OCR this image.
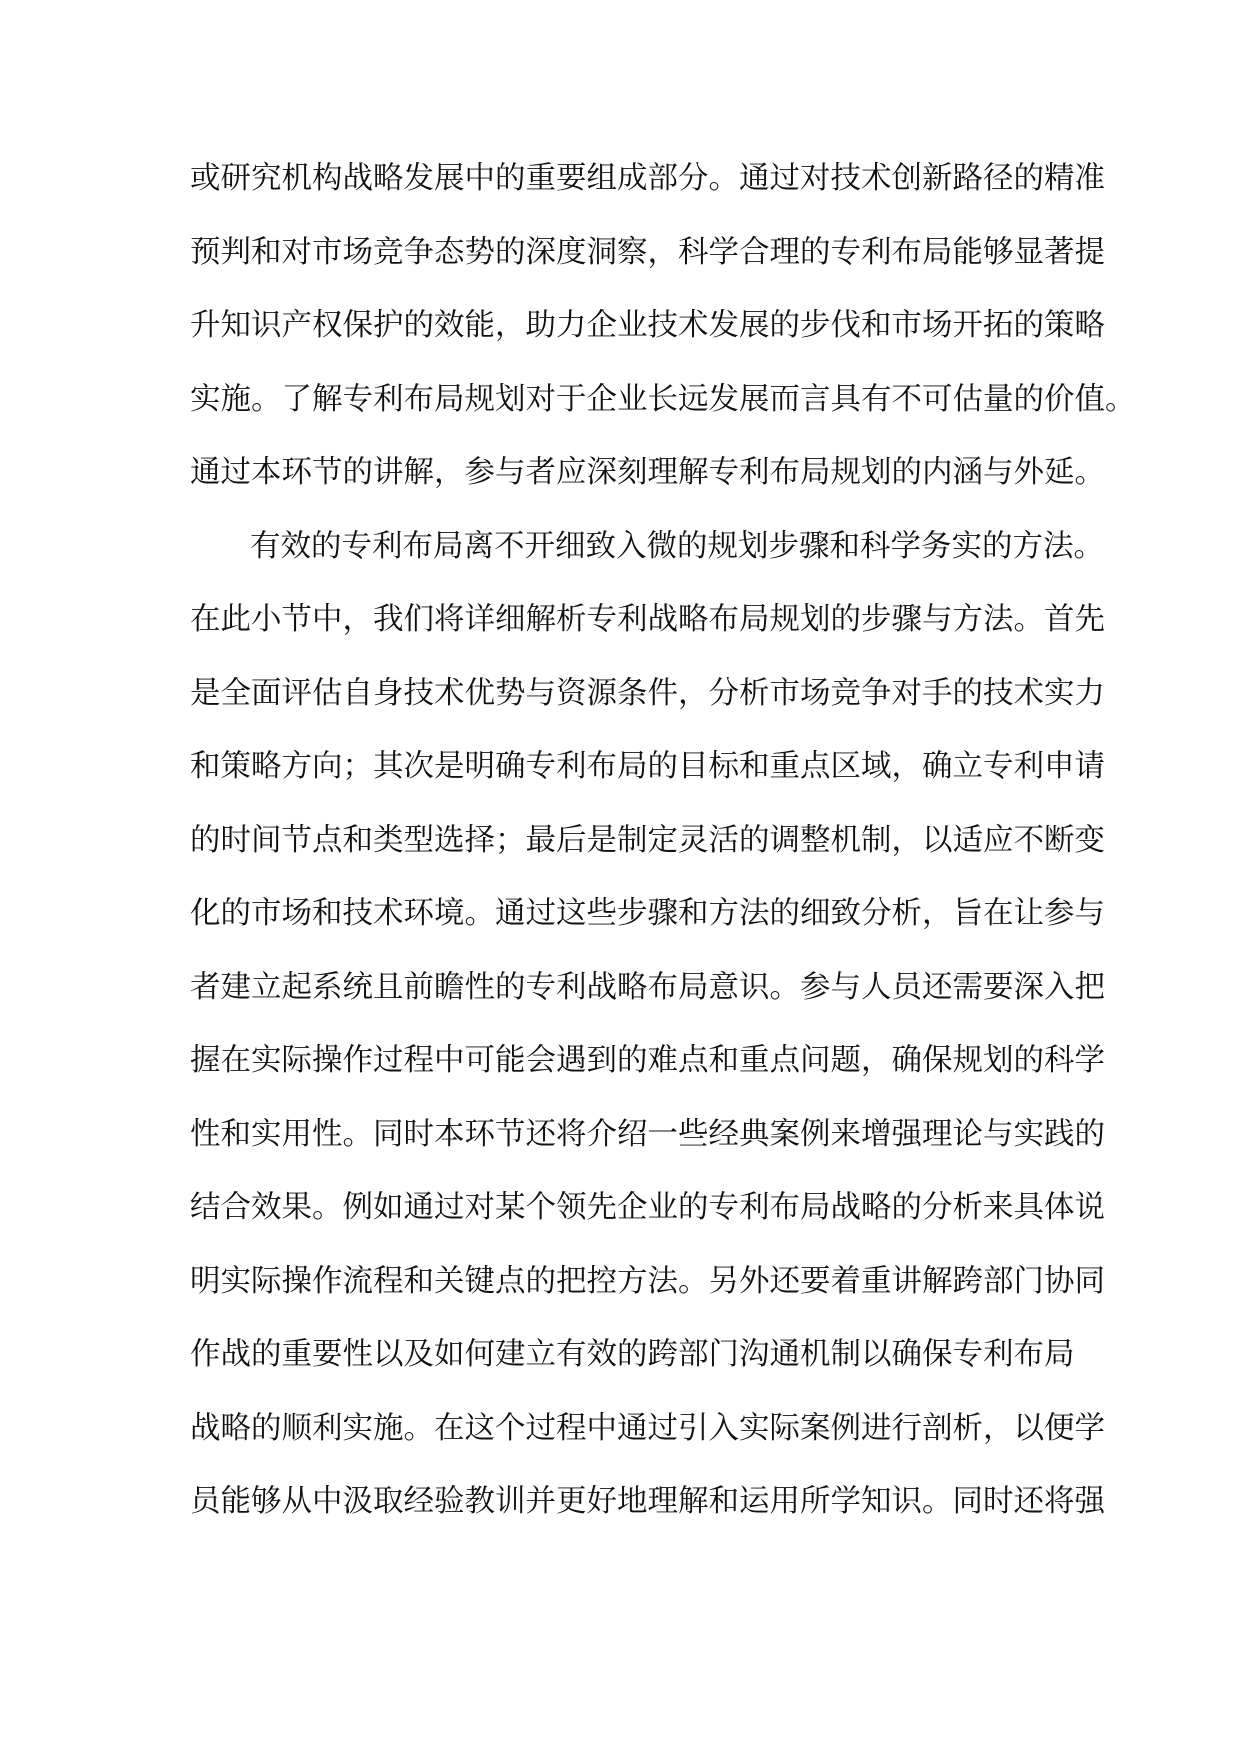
或研究机构战略发展中的重要组成部分。通过对技术创新路径的精准
预判和对市场竞争态势的深度洞察，科学合理的专利布局能够显著提
升知识产权保护的效能，助力企业技术发展的步伐和市场开拓的策略
实施。了解专利布局规划对于企业长远发展而言具有不可估量的价值。
通过本环节的讲解，参与者应深刻理解专利布局规划的内涵与外延。
有效的专利布局离不开细致入微的规划步骤和科学务实的方法。
在此小节中，我们将详细解析专利战略布局规划的步骤与方法。首先
是全面评估自身技术优势与资源条件，分析市场竞争对手的技术实力
和策略方向；其次是明确专利布局的目标和重点区域，确立专利申请
的时间节点和类型选择；最后是制定灵活的调整机制，以适应不断变
化的市场和技术环境。通过这些步骤和方法的细致分析，旨在让参与
者建立起系统且前瞻性的专利战略布局意识。参与人员还需要深入把
握在实际操作过程中可能会遇到的难点和重点问题，确保规划的科学
性和实用性。同时本环节还将介绍一些经典案例来增强理论与实践的
结合效果。例如通过对某个领先企业的专利布局战略的分析来具体说
明实际操作流程和关键点的把控方法。另外还要着重讲解跨部门协同
作战的重要性以及如何建立有效的跨部门沟通机制以确保专利布局
战略的顺利实施。在这个过程中通过引入实际案例进行剖析，以便学
员能够从中汲取经验教训并更好地理解和运用所学知识。同时还将强
